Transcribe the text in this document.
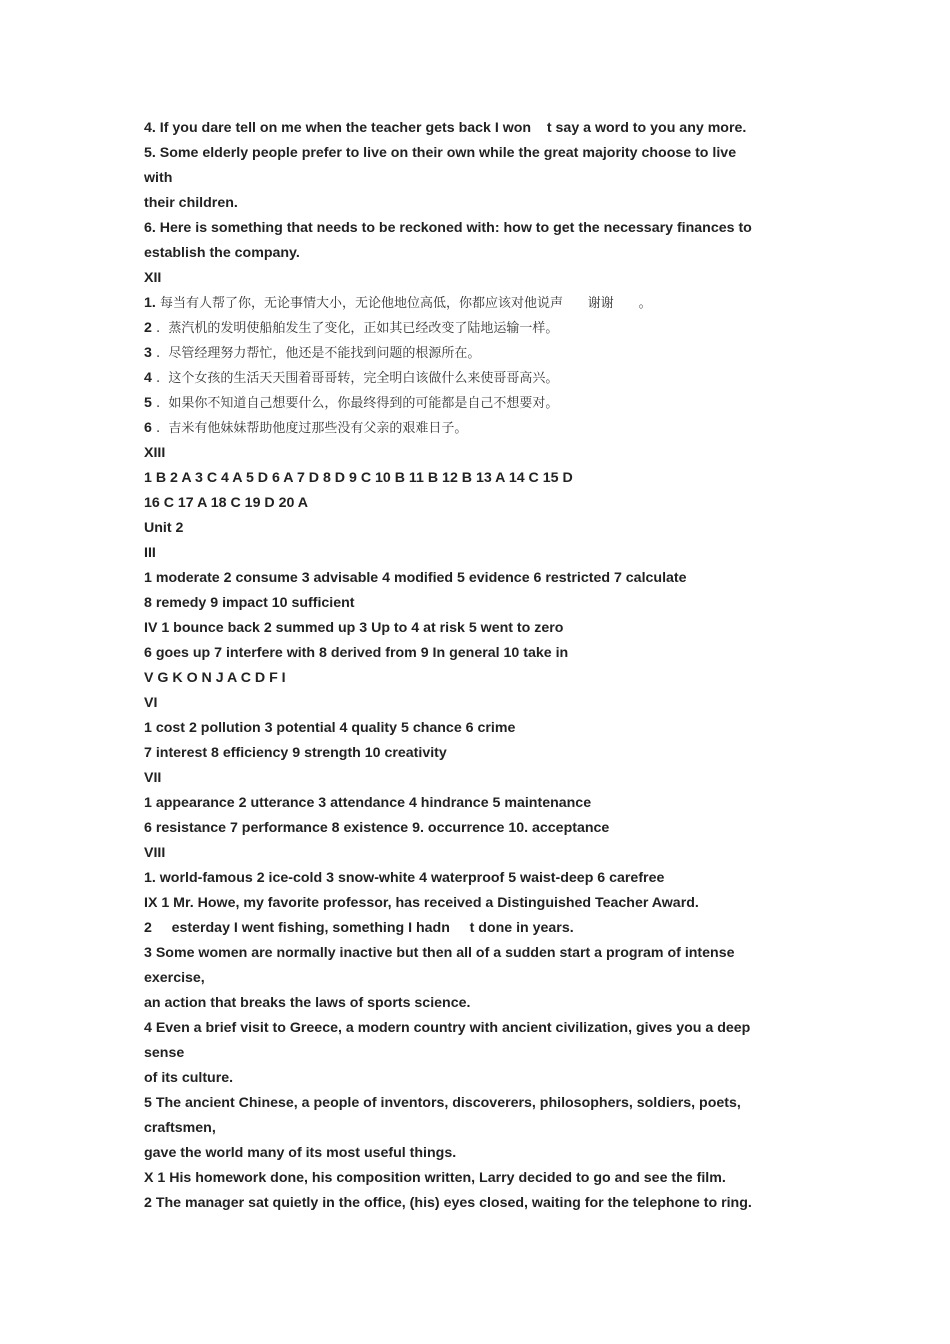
4. If you dare tell on me when the teacher gets back I won    t say a word to you any more.
5. Some elderly people prefer to live on their own while the great majority choose to live
with
their children.
6. Here is something that needs to be reckoned with: how to get the necessary finances to
establish the company.
XII
1. 每当有人帮了你，无论事情大小，无论他地位高低，你都应该对他说声      谢谢      。
2 .  蒸汽机的发明使船舶发生了变化，正如其已经改变了陆地运输一样。
3 .  尽管经理努力帮忙，他还是不能找到问题的根源所在。
4 .  这个女孩的生活天天围着哥哥转，完全明白该做什么来使哥哥高兴。
5 .  如果你不知道自己想要什么，你最终得到的可能都是自己不想要对。
6 .  吉米有他妹妹帮助他度过那些没有父亲的艰难日子。
XIII
1 B 2 A 3 C 4 A 5 D 6 A 7 D 8 D 9 C 10 B 11 B 12 B 13 A 14 C 15 D
16 C 17 A 18 C 19 D 20 A
Unit 2
III
1 moderate 2 consume 3 advisable 4 modified 5 evidence 6 restricted 7 calculate
8 remedy 9 impact 10 sufficient
IV 1 bounce back 2 summed up 3 Up to 4 at risk 5 went to zero
6 goes up 7 interfere with 8 derived from 9 In general 10 take in
V G K O N J A C D F I
VI
1 cost 2 pollution 3 potential 4 quality 5 chance 6 crime
7 interest 8 efficiency 9 strength 10 creativity
VII
1 appearance 2 utterance 3 attendance 4 hindrance 5 maintenance
6 resistance 7 performance 8 existence 9. occurrence 10. acceptance
VIII
1. world-famous 2 ice-cold 3 snow-white 4 waterproof 5 waist-deep 6 carefree
IX 1 Mr. Howe, my favorite professor, has received a Distinguished Teacher Award.
2     esterday I went fishing, something I hadn     t done in years.
3 Some women are normally inactive but then all of a sudden start a program of intense
exercise,
an action that breaks the laws of sports science.
4 Even a brief visit to Greece, a modern country with ancient civilization, gives you a deep
sense
of its culture.
5 The ancient Chinese, a people of inventors, discoverers, philosophers, soldiers, poets,
craftsmen,
gave the world many of its most useful things.
X 1 His homework done, his composition written, Larry decided to go and see the film.
2 The manager sat quietly in the office, (his) eyes closed, waiting for the telephone to ring.
